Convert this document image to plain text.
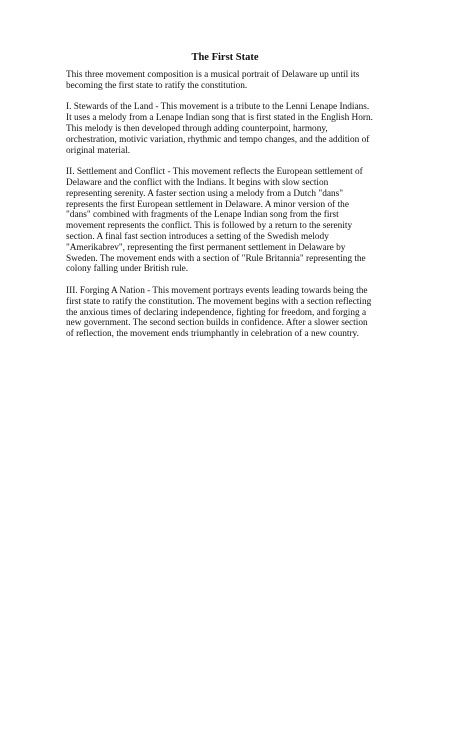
The First State

This three movement composition is a musical portrait of Delaware up until its
becoming the first state to ratify the constitution.

I. Stewards of the Land - This movement is a tribute to the Lenni Lenape Indians.
It uses a melody from a Lenape Indian song that is first stated in the English Horn.
This melody is then developed through adding counterpoint, harmony,
orchestration, motivic variation, rhythmic and tempo changes, and the addition of
original material.

II. Settlement and Conflict - This movement reflects the European settlement of
Delaware and the conflict with the Indians. It begins with slow section
representing serenity. A faster section using a melody from a Dutch "dans"
represents the first European settlement in Delaware. A minor version of the
"dans" combined with fragments of the Lenape Indian song from the first
movement represents the conflict. This is followed by a return to the serenity
section. A final fast section introduces a setting of the Swedish melody
"Amerikabrev", representing the first permanent settlement in Delaware by
Sweden. The movement ends with a section of "Rule Britannia" representing the
colony falling under British rule.

III. Forging A Nation - This movement portrays events leading towards being the
first state to ratify the constitution. The movement begins with a section reflecting
the anxious times of declaring independence, fighting for freedom, and forging a
new government. The second section builds in confidence. After a slower section
of reflection, the movement ends triumphantly in celebration of a new country.
